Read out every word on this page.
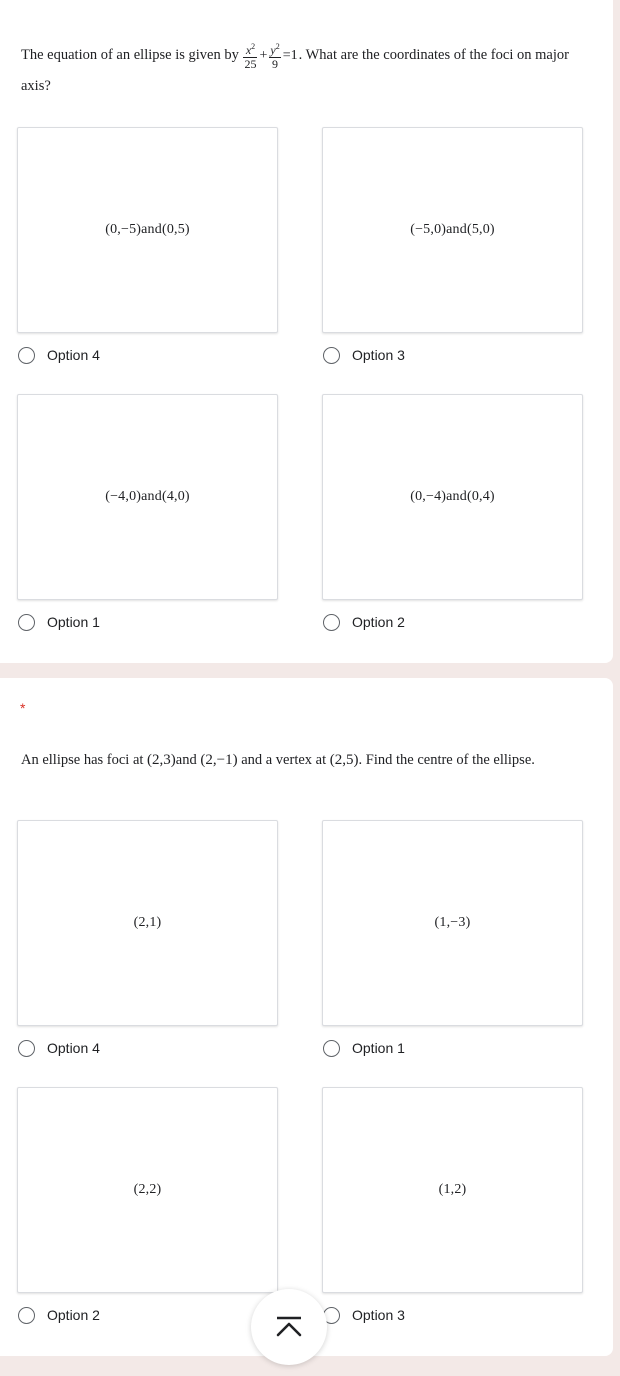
The equation of an ellipse is given by $\frac{x^2}{25} + \frac{y^2}{9} =1$. What are the coordinates of the foci on major axis?
(0,−5)and(0,5)	(−5,0)and(5,0)
Option 4	Option 3
(−4,0)and(4,0)	(0,−4)and(0,4)
Option 1	Option 2
*
An ellipse has foci at (2,3)and (2,−1) and a vertex at (2,5). Find the centre of the ellipse.
(2,1)	(1,−3)
Option 4	Option 1
(2,2)	(1,2)
Option 2	Option 3
